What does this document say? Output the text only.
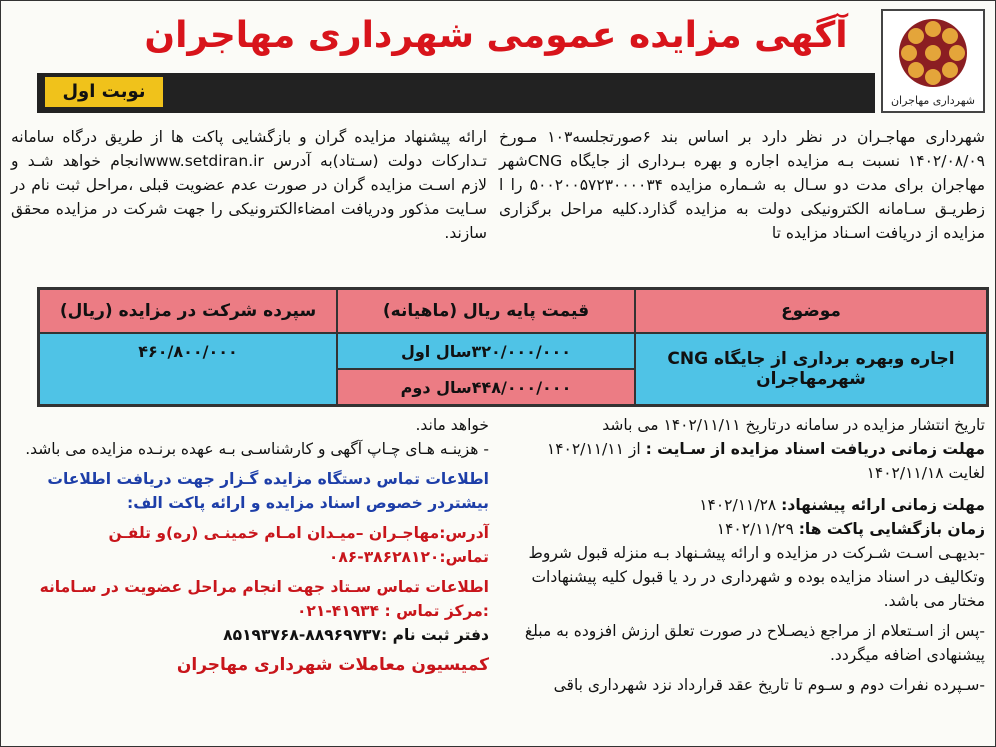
شهرداری مهاجران
آگهی مزایده عمومی شهرداری مهاجران
نوبت اول

شهرداری مهاجـران در نظر دارد بر اساس بند ۶صورتجلسه۱۰۳ مـورخ ۱۴۰۲/۰۸/۰۹ نسبت بـه مزایده اجاره و بهره بـرداری از جایگاه CNGشهر مهاجران برای مدت دو سـال به شـماره مزایده ۵۰۰۲۰۰۵۷۲۳۰۰۰۰۳۴ را ا زطریـق سـامانه الکترونیکی دولت به مزایده گذارد.کلیه مراحل برگزاری مزایده از دریافت اسـناد مزایده تا

ارائه پیشنهاد مزایده گران و بازگشایی پاکت ها از طریق درگاه سامانه تـدارکات دولت (سـتاد)به آدرس www.setdiran.irانجام خواهد شـد و لازم اسـت مزایده گران در صورت عدم عضویت قبلی ،مراحل ثبت نام در سـایت مذکور ودریافت امضاءالکترونیکی را جهت شرکت در مزایده محقق سازند.

موضوع
قیمت پایه ریال (ماهیانه)
سپرده شرکت در مزایده (ریال)
اجاره وبهره برداری از جایگاه CNG شهرمهاجران
۳۲۰/۰۰۰/۰۰۰سال اول
۴۴۸/۰۰۰/۰۰۰سال دوم
۴۶۰/۸۰۰/۰۰۰
تاریخ انتشار مزایده در سامانه درتاریخ ۱۴۰۲/۱۱/۱۱ می باشد
مهلت زمانی دریافت اسناد مزایده از سـایت : از ۱۴۰۲/۱۱/۱۱
لغایت ۱۴۰۲/۱۱/۱۸
مهلت زمانی ارائه پیشنهاد: ۱۴۰۲/۱۱/۲۸
زمان بازگشایی پاکت ها: ۱۴۰۲/۱۱/۲۹
-بدیهـی اسـت شـرکت در مزایده و ارائه پیشـنهاد بـه منزله قبول شروط وتکالیف در اسناد مزایده بوده و شهرداری در رد یا قبول کلیه پیشنهادات مختار می باشد.
-پس از اسـتعلام از مراجع ذیصـلاح در صورت تعلق ارزش افزوده به مبلغ پیشنهادی اضافه میگردد.
-سـپرده نفرات دوم و سـوم تا تاریخ عقد قرارداد نزد شهرداری باقی
خواهد ماند.
- هزینـه هـای چـاپ آگهی و کارشناسـی بـه عهده برنـده مزایده می باشد.
اطلاعات تماس دستگاه مزایده گـزار جهت دریافت اطلاعات بیشتردر خصوص اسناد مزایده و ارائه پاکت الف:
آدرس:مهاجـران –میـدان امـام خمینـی (ره)و تلفـن تماس:۳۸۶۲۸۱۲۰-۰۸۶
اطلاعات تماس سـتاد جهت انجام مراحل عضویت در سـامانه
:مرکز تماس : ۴۱۹۳۴-۰۲۱
دفتر ثبت نام :۸۸۹۶۹۷۳۷-۸۵۱۹۳۷۶۸
کمیسیون معاملات شهرداری مهاجران
